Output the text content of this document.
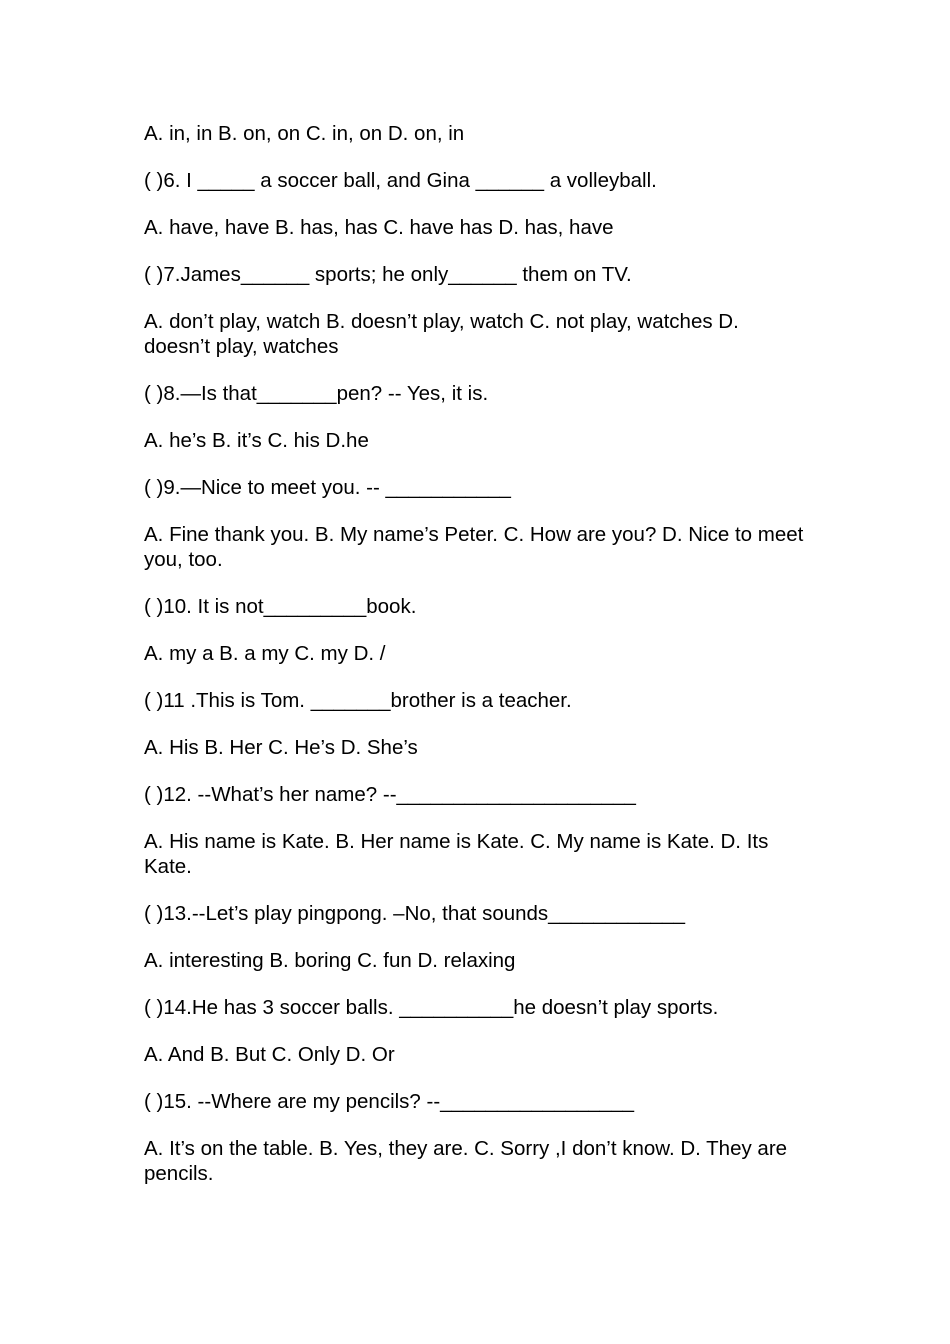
A. in, in B. on, on C. in, on D. on, in

( )6. I _____ a soccer ball, and Gina ______ a volleyball.

A. have, have B. has, has C. have has D. has, have

( )7.James______ sports; he only______ them on TV.

A. don’t play, watch B. doesn’t play, watch C. not play, watches D. doesn’t play, watches

( )8.—Is that_______pen? -- Yes, it is.

A. he’s B. it’s C. his D.he

( )9.—Nice to meet you. -- ___________

A. Fine thank you. B. My name’s Peter. C. How are you? D. Nice to meet you, too.

( )10. It is not_________book.

A. my a B. a my C. my D. /

( )11 .This is Tom. _______brother is a teacher.

A. His B. Her C. He’s D. She’s

( )12. --What’s her name? --_____________________

A. His name is Kate. B. Her name is Kate. C. My name is Kate. D. Its Kate.

( )13.--Let’s play pingpong. –No, that sounds____________

A. interesting B. boring C. fun D. relaxing

( )14.He has 3 soccer balls. __________he doesn’t play sports.

A. And B. But C. Only D. Or

( )15. --Where are my pencils? --_________________

A. It’s on the table. B. Yes, they are. C. Sorry ,I don’t know. D. They are pencils.
